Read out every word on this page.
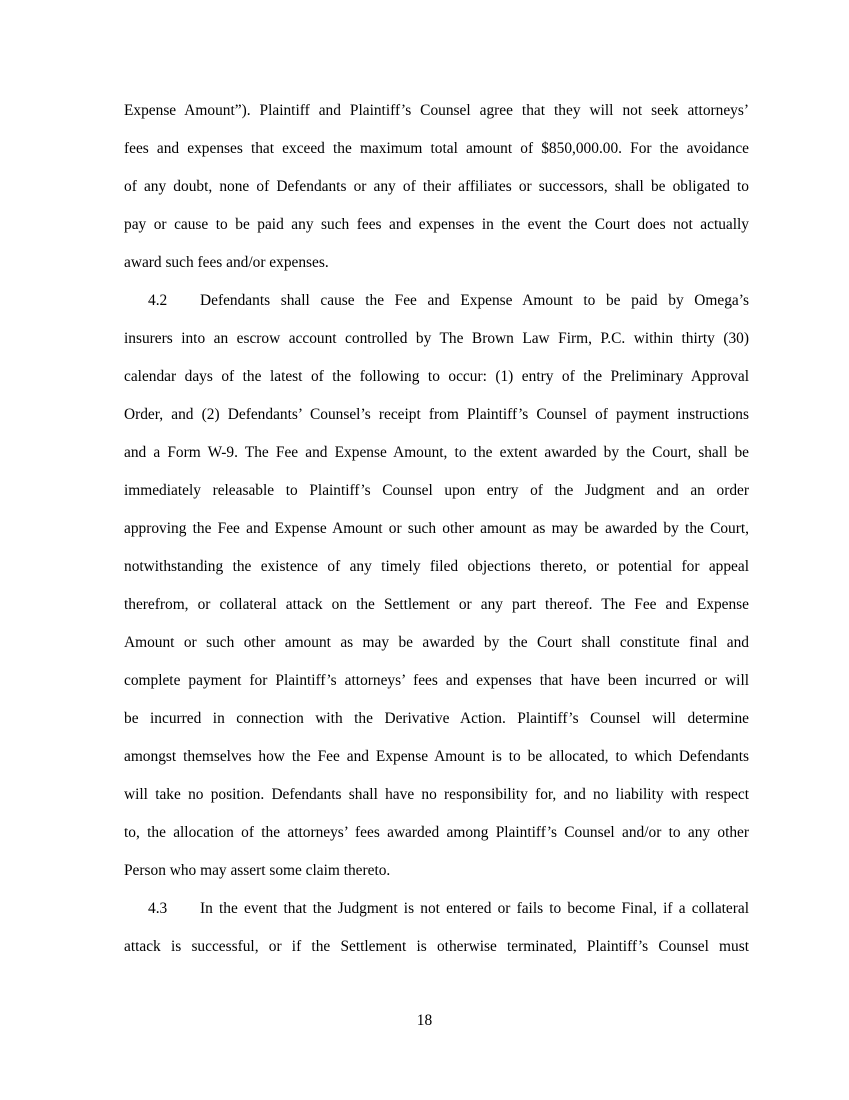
Expense Amount”). Plaintiff and Plaintiff’s Counsel agree that they will not seek attorneys’
fees and expenses that exceed the maximum total amount of $850,000.00. For the avoidance
of any doubt, none of Defendants or any of their affiliates or successors, shall be obligated to
pay or cause to be paid any such fees and expenses in the event the Court does not actually
award such fees and/or expenses.
4.2 Defendants shall cause the Fee and Expense Amount to be paid by Omega’s
insurers into an escrow account controlled by The Brown Law Firm, P.C. within thirty (30)
calendar days of the latest of the following to occur: (1) entry of the Preliminary Approval
Order, and (2) Defendants’ Counsel’s receipt from Plaintiff’s Counsel of payment instructions
and a Form W-9. The Fee and Expense Amount, to the extent awarded by the Court, shall be
immediately releasable to Plaintiff’s Counsel upon entry of the Judgment and an order
approving the Fee and Expense Amount or such other amount as may be awarded by the Court,
notwithstanding the existence of any timely filed objections thereto, or potential for appeal
therefrom, or collateral attack on the Settlement or any part thereof. The Fee and Expense
Amount or such other amount as may be awarded by the Court shall constitute final and
complete payment for Plaintiff’s attorneys’ fees and expenses that have been incurred or will
be incurred in connection with the Derivative Action. Plaintiff’s Counsel will determine
amongst themselves how the Fee and Expense Amount is to be allocated, to which Defendants
will take no position. Defendants shall have no responsibility for, and no liability with respect
to, the allocation of the attorneys’ fees awarded among Plaintiff’s Counsel and/or to any other
Person who may assert some claim thereto.
4.3 In the event that the Judgment is not entered or fails to become Final, if a collateral
attack is successful, or if the Settlement is otherwise terminated, Plaintiff’s Counsel must
18
